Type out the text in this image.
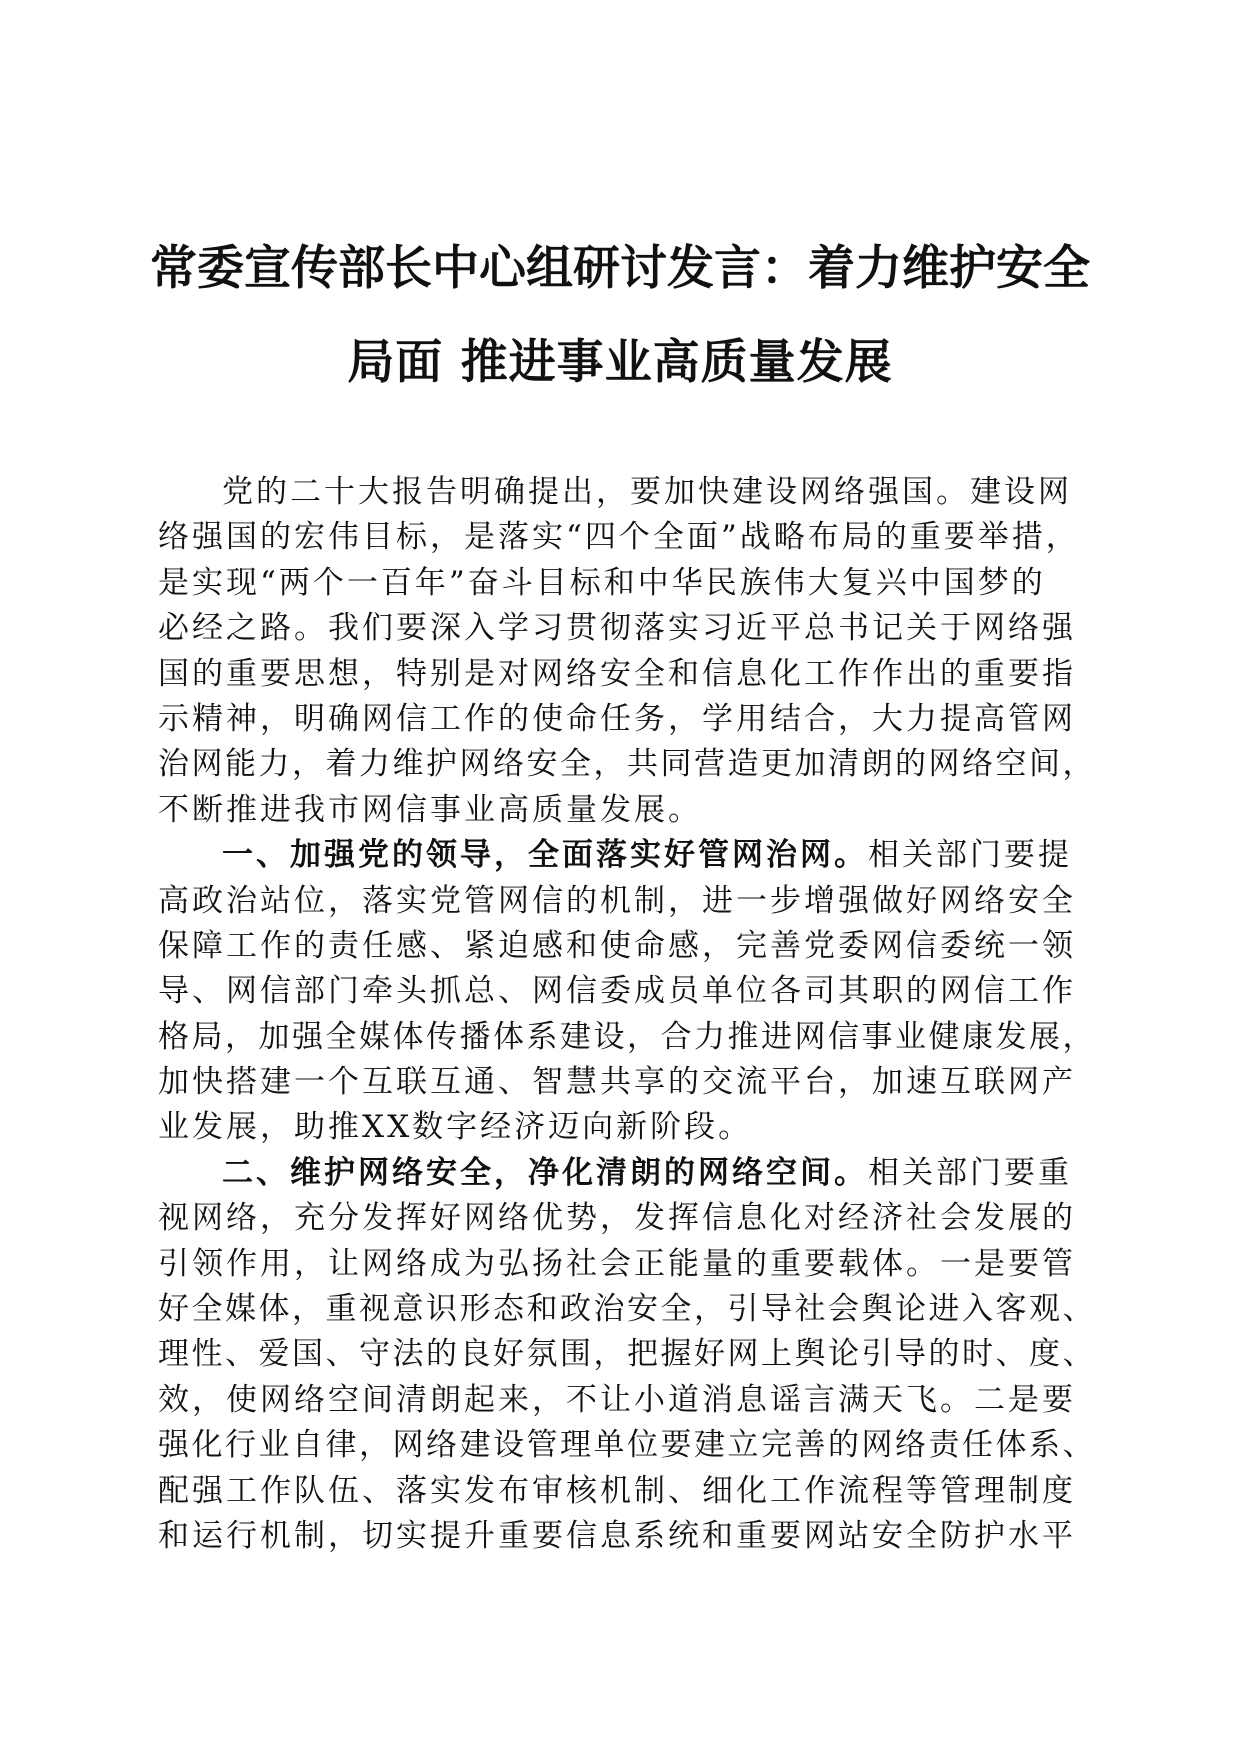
常委宣传部长中心组研讨发言：着力维护安全
局面 推进事业高质量发展
党的二十大报告明确提出，要加快建设网络强国。建设网
络强国的宏伟目标，是落实“四个全面”战略布局的重要举措，
是实现“两个一百年”奋斗目标和中华民族伟大复兴中国梦的
必经之路。我们要深入学习贯彻落实习近平总书记关于网络强
国的重要思想，特别是对网络安全和信息化工作作出的重要指
示精神，明确网信工作的使命任务，学用结合，大力提高管网
治网能力，着力维护网络安全，共同营造更加清朗的网络空间，
不断推进我市网信事业高质量发展。
一、加强党的领导，全面落实好管网治网。相关部门要提
高政治站位，落实党管网信的机制，进一步增强做好网络安全
保障工作的责任感、紧迫感和使命感，完善党委网信委统一领
导、网信部门牵头抓总、网信委成员单位各司其职的网信工作
格局，加强全媒体传播体系建设，合力推进网信事业健康发展，
加快搭建一个互联互通、智慧共享的交流平台，加速互联网产
业发展，助推XX数字经济迈向新阶段。
二、维护网络安全，净化清朗的网络空间。相关部门要重
视网络，充分发挥好网络优势，发挥信息化对经济社会发展的
引领作用，让网络成为弘扬社会正能量的重要载体。一是要管
好全媒体，重视意识形态和政治安全，引导社会舆论进入客观、
理性、爱国、守法的良好氛围，把握好网上舆论引导的时、度、
效，使网络空间清朗起来，不让小道消息谣言满天飞。二是要
强化行业自律，网络建设管理单位要建立完善的网络责任体系、
配强工作队伍、落实发布审核机制、细化工作流程等管理制度
和运行机制，切实提升重要信息系统和重要网站安全防护水平
